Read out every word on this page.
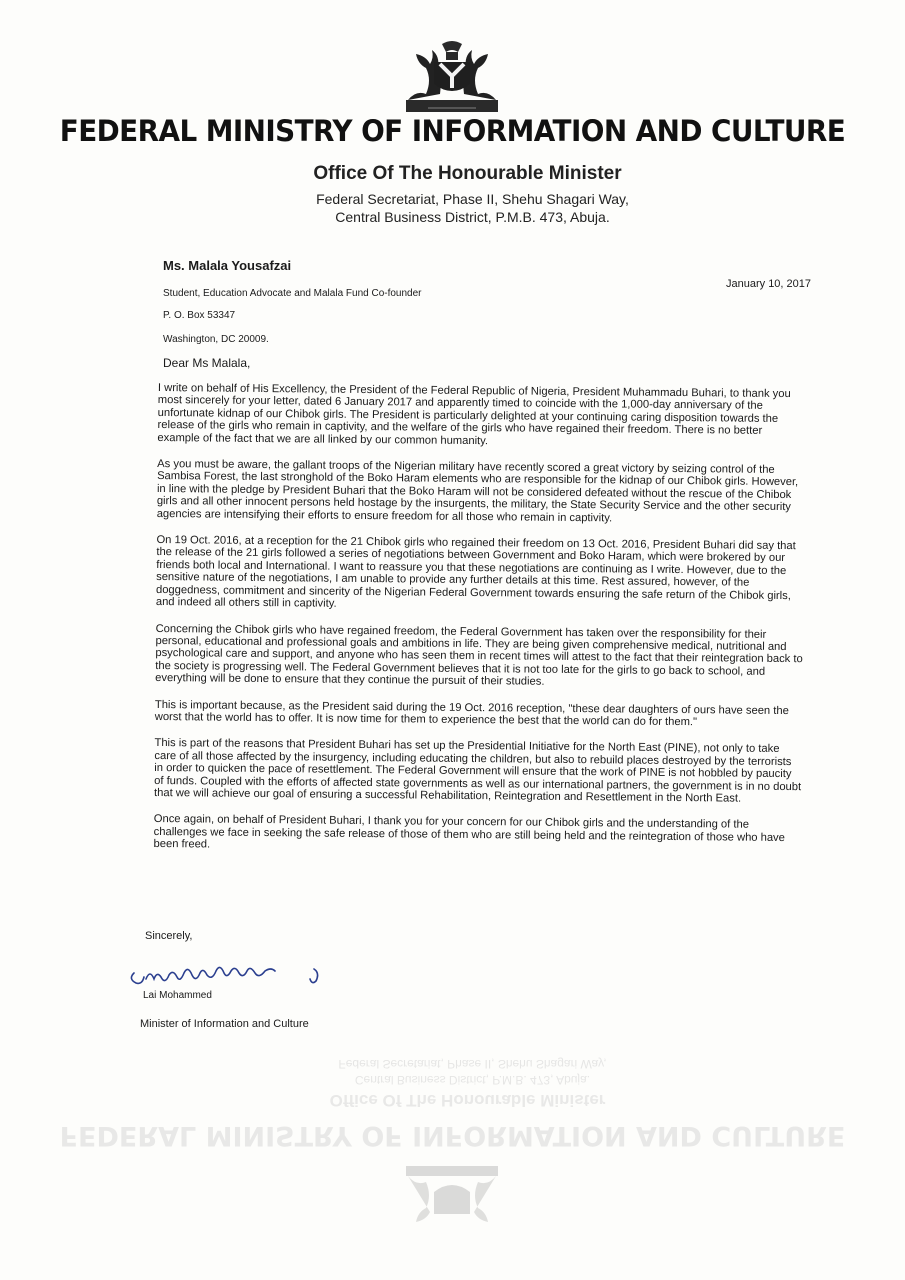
FEDERAL MINISTRY OF INFORMATION AND CULTURE
Office Of The Honourable Minister
Federal Secretariat, Phase II, Shehu Shagari Way,
Central Business District, P.M.B. 473, Abuja.
Ms. Malala Yousafzai
Student, Education Advocate and Malala Fund Co-founder
P. O. Box 53347
Washington, DC 20009.
January 10, 2017
Dear Ms Malala,

I write on behalf of His Excellency, the President of the Federal Republic of Nigeria, President Muhammadu Buhari, to thank you most sincerely for your letter, dated 6 January 2017 and apparently timed to coincide with the 1,000-day anniversary of the unfortunate kidnap of our Chibok girls. The President is particularly delighted at your continuing caring disposition towards the release of the girls who remain in captivity, and the welfare of the girls who have regained their freedom. There is no better example of the fact that we are all linked by our common humanity.

As you must be aware, the gallant troops of the Nigerian military have recently scored a great victory by seizing control of the Sambisa Forest, the last stronghold of the Boko Haram elements who are responsible for the kidnap of our Chibok girls. However, in line with the pledge by President Buhari that the Boko Haram will not be considered defeated without the rescue of the Chibok girls and all other innocent persons held hostage by the insurgents, the military, the State Security Service and the other security agencies are intensifying their efforts to ensure freedom for all those who remain in captivity.

On 19 Oct. 2016, at a reception for the 21 Chibok girls who regained their freedom on 13 Oct. 2016, President Buhari did say that the release of the 21 girls followed a series of negotiations between Government and Boko Haram, which were brokered by our friends both local and International. I want to reassure you that these negotiations are continuing as I write. However, due to the sensitive nature of the negotiations, I am unable to provide any further details at this time. Rest assured, however, of the doggedness, commitment and sincerity of the Nigerian Federal Government towards ensuring the safe return of the Chibok girls, and indeed all others still in captivity.

Concerning the Chibok girls who have regained freedom, the Federal Government has taken over the responsibility for their personal, educational and professional goals and ambitions in life. They are being given comprehensive medical, nutritional and psychological care and support, and anyone who has seen them in recent times will attest to the fact that their reintegration back to the society is progressing well. The Federal Government believes that it is not too late for the girls to go back to school, and everything will be done to ensure that they continue the pursuit of their studies.

This is important because, as the President said during the 19 Oct. 2016 reception, "these dear daughters of ours have seen the worst that the world has to offer. It is now time for them to experience the best that the world can do for them."

This is part of the reasons that President Buhari has set up the Presidential Initiative for the North East (PINE), not only to take care of all those affected by the insurgency, including educating the children, but also to rebuild places destroyed by the terrorists in order to quicken the pace of resettlement. The Federal Government will ensure that the work of PINE is not hobbled by paucity of funds. Coupled with the efforts of affected state governments as well as our international partners, the government is in no doubt that we will achieve our goal of ensuring a successful Rehabilitation, Reintegration and Resettlement in the North East.

Once again, on behalf of President Buhari, I thank you for your concern for our Chibok girls and the understanding of the challenges we face in seeking the safe release of those of them who are still being held and the reintegration of those who have been freed.

Sincerely,
Lai Mohammed
Minister of Information and Culture
Central Business District, P.M.B. 473, Abuja.
Federal Secretariat, Phase II, Shehu Shagari Way,
Office Of The Honourable Minister
FEDERAL MINISTRY OF INFORMATION AND CULTURE
